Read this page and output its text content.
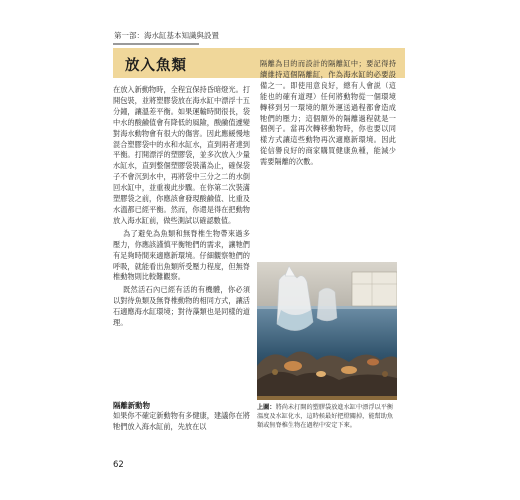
第一部：海水缸基本知識與設置
放入魚類

在放入新動物時，全程宜保持昏暗燈光。打開包裝，並將塑膠袋放在海水缸中漂浮十五分鐘，讓溫差平衡。如果運輸時間很長，袋中水的酸鹼值會有降低的風險，酸鹼值遽變對海水動物會有很大的傷害。因此應緩慢地混合塑膠袋中的水和水缸水，直到兩者達到平衡。打開漂浮的塑膠袋，並多次放入少量水缸水，直到整個塑膠袋裝滿為止，確保袋子不會沉到水中，再將袋中三分之二的水倒回水缸中，並重複此步驟。在你第二次裝滿塑膠袋之前，你應該會發現酸鹼值、比重及水溫都已經平衡。然而，你還是得在把動物放入海水缸前，做些測試以確認數值。

為了避免為魚類和無脊椎生物帶來過多壓力，你應該謹慎平衡牠們的需求，讓牠們有足夠時間來適應新環境。仔細觀察牠們的呼吸，就能看出魚類所受壓力程度，但無脊椎動物則比較難觀察。

既然活石內已經有活的有機體，你必須以對待魚類及無脊椎動物的相同方式，讓活石適應海水缸環境；對待藻類也是同樣的道理。

隔離新動物

如果你不確定新動物有多健康，建議你在將牠們放入海水缸前，先放在以

隔離為目的而設計的隔離缸中；要記得持續維持這個隔離缸，作為海水缸的必要設備之一。即使用意良好，總有人會説（這能也的確有道理）任何將動物從一個環境轉移到另一環境的額外運送過程都會造成牠們的壓力；這個額外的隔離過程就是一個例子。當再次轉移動物時，你也要以同樣方式讓這些動物再次適應新環境。因此從信譽良好的商家購買健康魚種，能減少需要隔離的次數。

上圖：將尚未打開的塑膠袋放進水缸中漂浮以平衡溫度及水缸化水，這時候最好把燈關掉，能幫助魚類或無脊椎生物在過程中安定下來。
62
